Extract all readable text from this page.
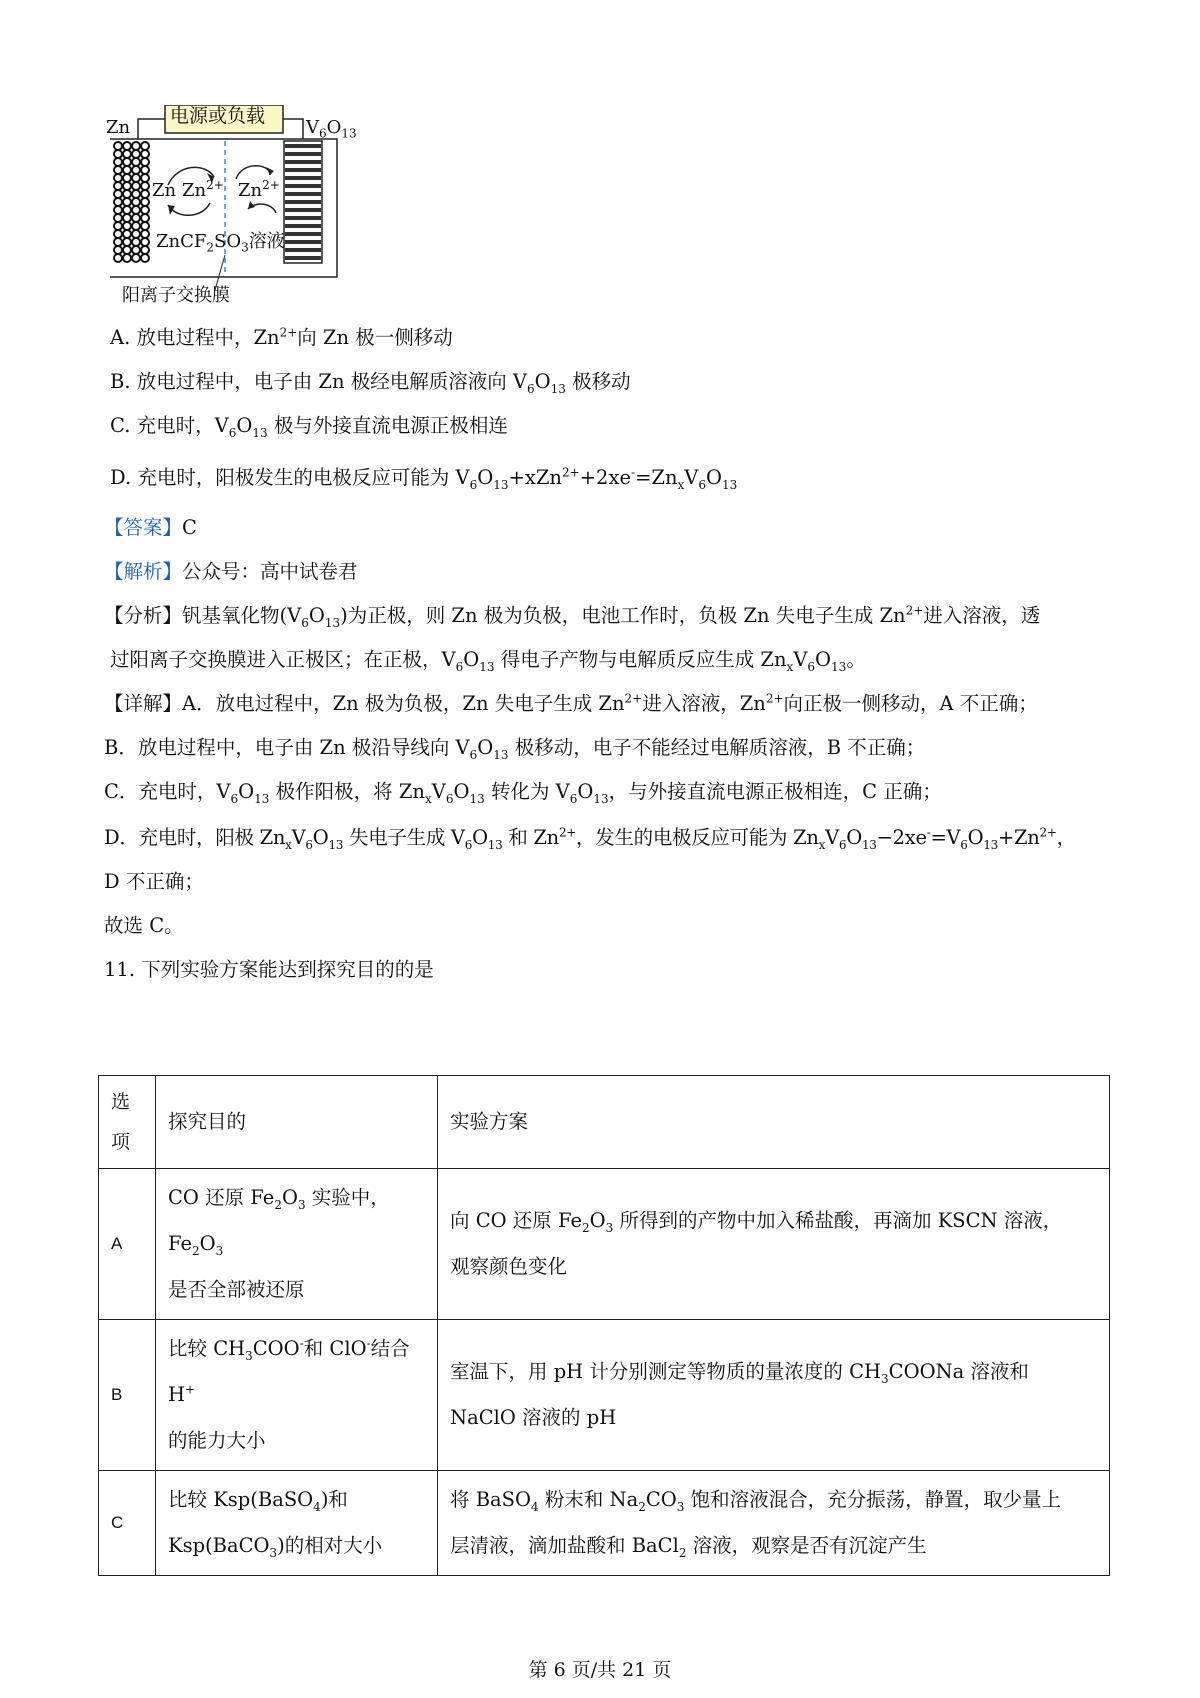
电源或负载
Zn	$V_6O_{13}$
Zn $Zn^{2+}$ $Zn^{2+}$
$ZnCF_2SO_3$溶液
阳离子交换膜
A. 放电过程中，$Zn^{2+}$向 Zn 极一侧移动
B. 放电过程中，电子由 Zn 极经电解质溶液向 $V_6O_{13}$ 极移动
C. 充电时，$V_6O_{13}$ 极与外接直流电源正极相连
D. 充电时，阳极发生的电极反应可能为 $V_6O_{13}+xZn^{2+}+2xe^-=Zn_xV_6O_{13}$
【答案】C
【解析】公众号：高中试卷君
【分析】钒基氧化物$(V_6O_{13})$为正极，则 Zn 极为负极，电池工作时，负极 Zn 失电子生成 $Zn^{2+}$进入溶液，透
过阳离子交换膜进入正极区；在正极，$V_6O_{13}$ 得电子产物与电解质反应生成 $Zn_xV_6O_{13}$。
【详解】A．放电过程中，Zn 极为负极，Zn 失电子生成 $Zn^{2+}$进入溶液，$Zn^{2+}$向正极一侧移动，A 不正确；
B．放电过程中，电子由 Zn 极沿导线向 $V_6O_{13}$ 极移动，电子不能经过电解质溶液，B 不正确；
C．充电时，$V_6O_{13}$ 极作阳极，将 $Zn_xV_6O_{13}$ 转化为 $V_6O_{13}$，与外接直流电源正极相连，C 正确；
D．充电时，阳极 $Zn_xV_6O_{13}$ 失电子生成 $V_6O_{13}$ 和 $Zn^{2+}$，发生的电极反应可能为 $Zn_xV_6O_{13}-2xe^-=V_6O_{13}+Zn^{2+}$，
D 不正确；
故选 C。
11. 下列实验方案能达到探究目的的是
选
项	探究目的	实验方案
A	CO 还原 $Fe_2O_3$ 实验中，$Fe_2O_3$
是否全部被还原	向 CO 还原 $Fe_2O_3$ 所得到的产物中加入稀盐酸，再滴加 KSCN 溶液，
观察颜色变化
B	比较 $CH_3COO^-$和 ClO-结合 H+
的能力大小	室温下，用 pH 计分别测定等物质的量浓度的 $CH_3COONa$ 溶液和
NaClO 溶液的 pH
C	比较 Ksp(BaSO$_4$)和
Ksp(BaCO$_3$)的相对大小	将 BaSO$_4$ 粉末和 $Na_2CO_3$ 饱和溶液混合，充分振荡，静置，取少量上
层清液，滴加盐酸和 BaCl$_2$ 溶液，观察是否有沉淀产生
第 6 页/共 21 页
